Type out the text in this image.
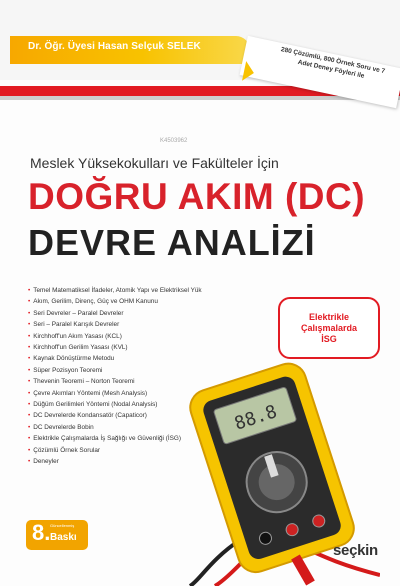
Dr. Öğr. Üyesi Hasan Selçuk SELEK	280 Çözümlü, 800 Örnek Soru ve 7 Adet Deney Föyleri ile
K4503962
Meslek Yüksekokulları ve Fakülteler İçin
DOĞRU AKIM (DC)
DEVRE ANALİZİ
• Temel Matematiksel İfadeler, Atomik Yapı ve Elektriksel Yük
• Akım, Gerilim, Direnç, Güç ve OHM Kanunu
• Seri Devreler – Paralel Devreler
• Seri – Paralel Karışık Devreler
• Kirchhoff'un Akım Yasası (KCL)
• Kirchhoff'un Gerilim Yasası (KVL)
• Kaynak Dönüştürme Metodu
• Süper Pozisyon Teoremi
• Thevenin Teoremi – Norton Teoremi
• Çevre Akımları Yöntemi (Mesh Analysis)
• Düğüm Gerilimleri Yöntemi (Nodal Analysis)
• DC Devrelerde Kondansatör (Capaticor)
• DC Devrelerde Bobin
• Elektrikle Çalışmalarda İş Sağlığı ve Güvenliği (İSG)
• Çözümlü Örnek Sorular
• Deneyler
Elektrikle
Çalışmalarda
İSG
88.8
8. Güncellenmiş
Baskı
seçkin
